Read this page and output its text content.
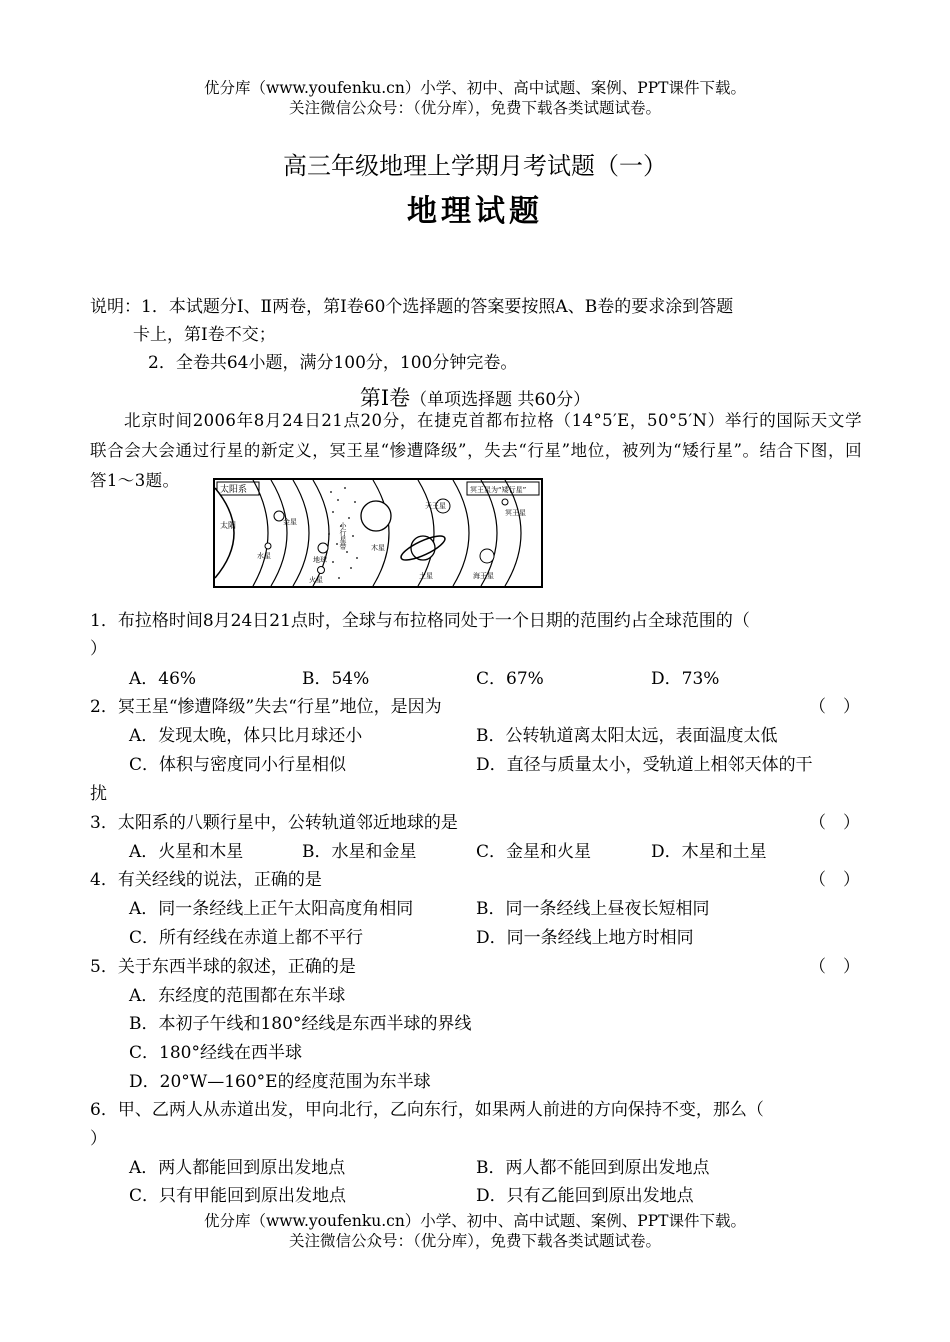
优分库（www.youfenku.cn）小学、初中、高中试题、案例、PPT课件下载。
关注微信公众号：（优分库），免费下载各类试题试卷。
高三年级地理上学期月考试题（一）
地理试题
说明：1．本试题分Ⅰ、Ⅱ两卷，第Ⅰ卷60个选择题的答案要按照A、B卷的要求涂到答题
卡上，第Ⅰ卷不交；
2．全卷共64小题，满分100分，100分钟完卷。
第Ⅰ卷（单项选择题 共60分）
北京时间2006年8月24日21点20分，在捷克首都布拉格（14°5′E，50°5′N）举行的国际天文学联合会大会通过行星的新定义，冥王星“惨遭降级”，失去“行星”地位，被列为“矮行星”。结合下图，回答1～3题。	太阳系	冥王星为“矮行星”
太阳	小行星带
水星
金星
地球
火星
木星
土星
天王星
海王星
冥王星
1．布拉格时间8月24日21点时，全球与布拉格同处于一个日期的范围约占全球范围的（
）
A．46%	B．54%	C．67%	D．73%
2．冥王星“惨遭降级”失去“行星”地位，是因为	（　）
A．发现太晚，体只比月球还小	B．公转轨道离太阳太远，表面温度太低
C．体积与密度同小行星相似	D．直径与质量太小，受轨道上相邻天体的干
扰
3．太阳系的八颗行星中，公转轨道邻近地球的是	（　）
A．火星和木星	B．水星和金星	C．金星和火星	D．木星和土星
4．有关经线的说法，正确的是	（　）
A．同一条经线上正午太阳高度角相同	B．同一条经线上昼夜长短相同
C．所有经线在赤道上都不平行	D．同一条经线上地方时相同
5．关于东西半球的叙述，正确的是	（　）
A．东经度的范围都在东半球
B．本初子午线和180°经线是东西半球的界线
C．180°经线在西半球
D．20°W—160°E的经度范围为东半球
6．甲、乙两人从赤道出发，甲向北行，乙向东行，如果两人前进的方向保持不变，那么（
）
A．两人都能回到原出发地点	B．两人都不能回到原出发地点
C．只有甲能回到原出发地点	D．只有乙能回到原出发地点
优分库（www.youfenku.cn）小学、初中、高中试题、案例、PPT课件下载。
关注微信公众号：（优分库），免费下载各类试题试卷。
